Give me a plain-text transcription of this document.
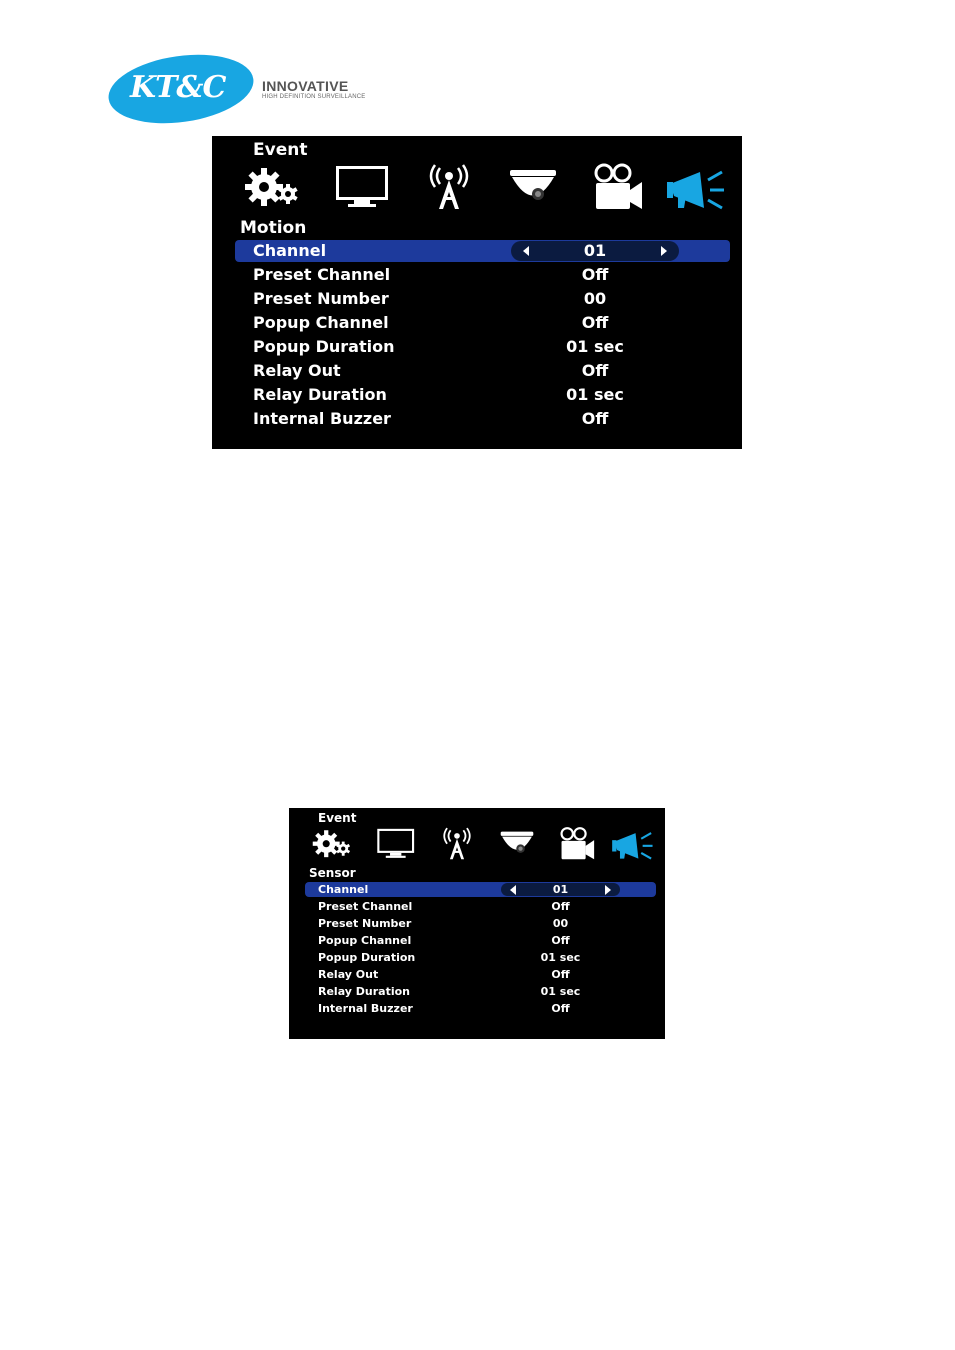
KT&C	INNOVATIVE
HIGH DEFINITION SURVEILLANCE
Event
Motion
Channel	01
Preset Channel	Off
Preset Number	00
Popup Channel	Off
Popup Duration	01 sec
Relay Out	Off
Relay Duration	01 sec
Internal Buzzer	Off
Event
Sensor
Channel	01
Preset Channel	Off
Preset Number	00
Popup Channel	Off
Popup Duration	01 sec
Relay Out	Off
Relay Duration	01 sec
Internal Buzzer	Off
